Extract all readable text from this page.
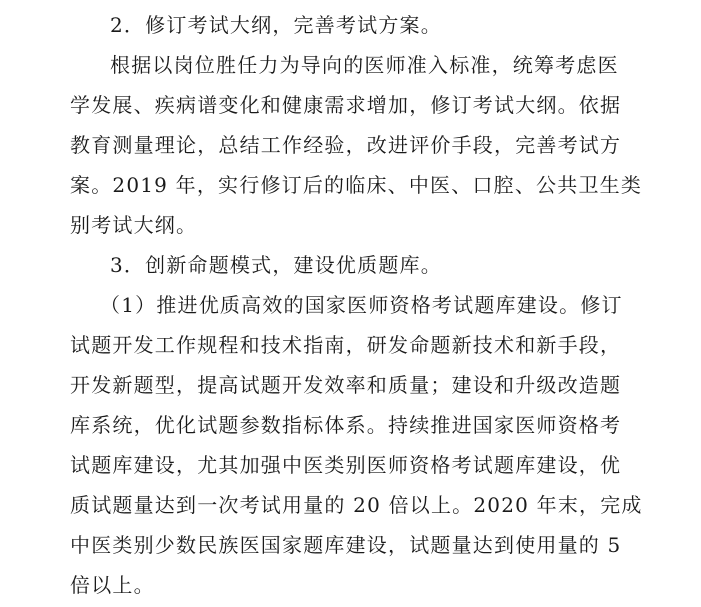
2．修订考试大纲，完善考试方案。
根据以岗位胜任力为导向的医师准入标准，统筹考虑医
学发展、疾病谱变化和健康需求增加，修订考试大纲。依据
教育测量理论，总结工作经验，改进评价手段，完善考试方
案。2019 年，实行修订后的临床、中医、口腔、公共卫生类
别考试大纲。
3．创新命题模式，建设优质题库。
（1）推进优质高效的国家医师资格考试题库建设。修订
试题开发工作规程和技术指南，研发命题新技术和新手段，
开发新题型，提高试题开发效率和质量；建设和升级改造题
库系统，优化试题参数指标体系。持续推进国家医师资格考
试题库建设，尤其加强中医类别医师资格考试题库建设，优
质试题量达到一次考试用量的 20 倍以上。2020 年末，完成
中医类别少数民族医国家题库建设，试题量达到使用量的 5
倍以上。
